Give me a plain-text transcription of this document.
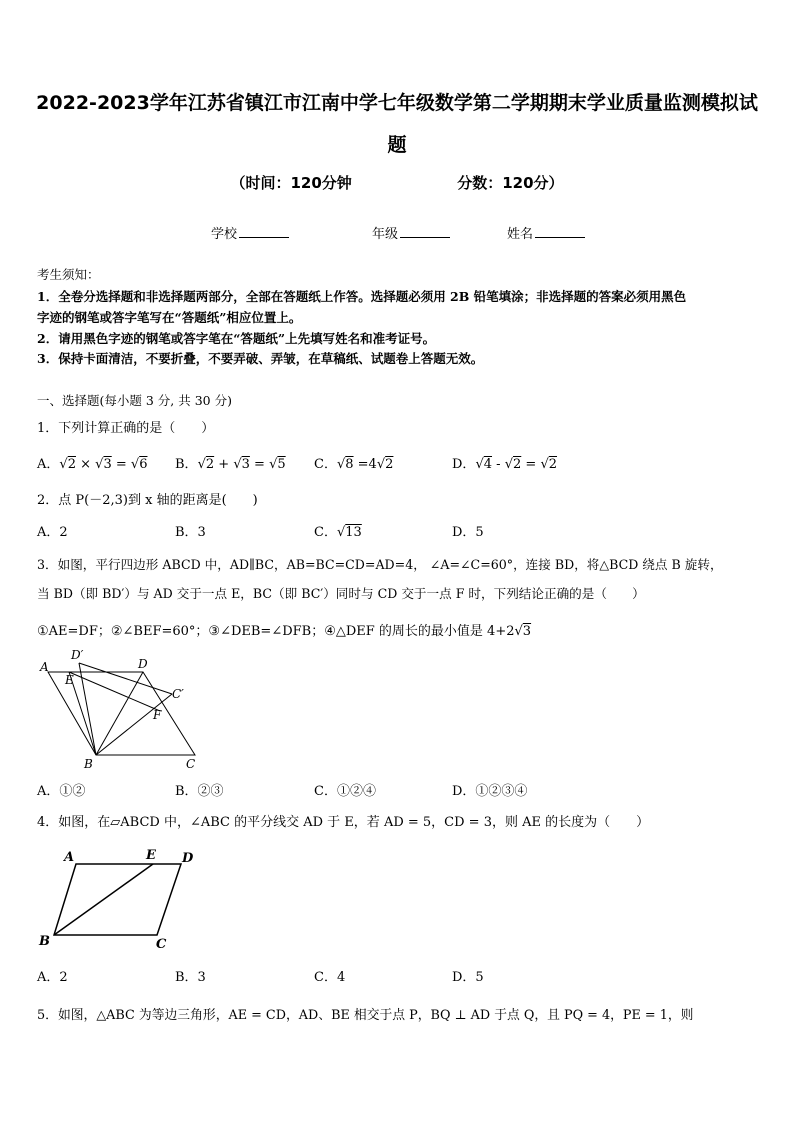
2022-2023学年江苏省镇江市江南中学七年级数学第二学期期末学业质量监测模拟试
题
（时间：120分钟	分数：120分）
学校	年级	姓名
考生须知：
1．全卷分选择题和非选择题两部分，全部在答题纸上作答。选择题必须用 2B 铅笔填涂；非选择题的答案必须用黑色
字迹的钢笔或答字笔写在“答题纸”相应位置上。
2．请用黑色字迹的钢笔或答字笔在“答题纸”上先填写姓名和准考证号。
3．保持卡面清洁，不要折叠，不要弄破、弄皱，在草稿纸、试题卷上答题无效。
一、选择题(每小题 3 分, 共 30 分)
1．下列计算正确的是（　　）
A．√2 × √3 = √6 B．√2 + √3 = √5 C．√8 =4√2	D．√4 - √2 = √2
2．点 P(－2,3)到 x 轴的距离是(　　)
A．2	B．3	C．√13	D．5
3．如图，平行四边形 ABCD 中，AD∥BC，AB=BC=CD=AD=4， ∠A=∠C=60°，连接 BD，将△BCD 绕点 B 旋转，
当 BD（即 BD′）与 AD 交于一点 E，BC（即 BC′）同时与 CD 交于一点 F 时，下列结论正确的是（　　）
①AE=DF；②∠BEF=60°；③∠DEB=∠DFB；④△DEF 的周长的最小值是 4+2√3
A
D′
D
E
C′
F
B	C
A．①②	B．②③	C．①②④	D．①②③④
4．如图，在▱ABCD 中，∠ABC 的平分线交 AD 于 E，若 AD = 5，CD = 3，则 AE 的长度为（　　）
A	E D
B	C
A．2	B．3	C．4	D．5
5．如图，△ABC 为等边三角形，AE = CD，AD、BE 相交于点 P，BQ ⊥ AD 于点 Q，且 PQ = 4，PE = 1，则
